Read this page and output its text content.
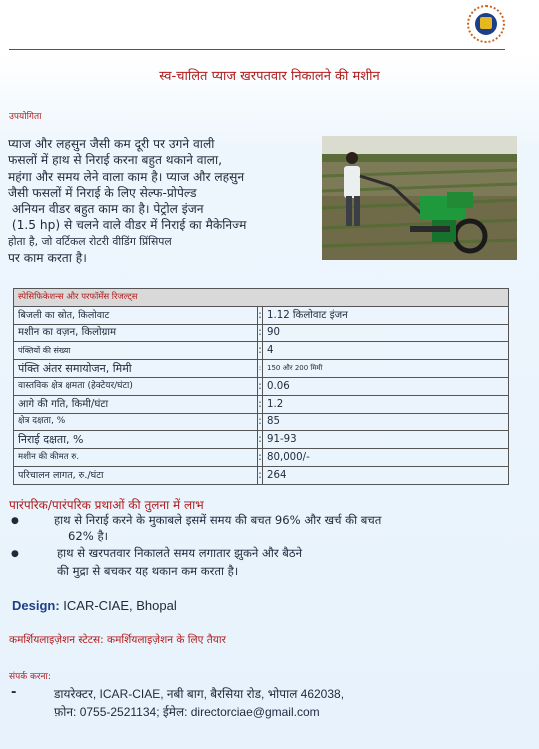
स्व-चालित प्याज खरपतवार निकालने की मशीन
उपयोगिता
प्याज और लहसुन जैसी कम दूरी पर उगने वाली
फसलों में हाथ से निराई करना बहुत थकाने वाला,
महंगा और समय लेने वाला काम है। प्याज और लहसुन
जैसी फसलों में निराई के लिए सेल्फ-प्रोपेल्ड
अनियन वीडर बहुत काम का है। पेट्रोल इंजन
(1.5 hp) से चलने वाले वीडर में निराई का मैकेनिज्म
होता है, जो वर्टिकल रोटरी वीडिंग प्रिंसिपल
पर काम करता है।
स्पेसिफिकेशन्स और परफॉर्मेंस रिजल्ट्स		
बिजली का स्रोत, किलोवाट	:	1.12 किलोवाट इंजन
मशीन का वज़न, किलोग्राम	:	90
पंक्तियों की संख्या	:	4
पंक्ति अंतर समायोजन, मिमी	:	150 और 200 मिमी
वास्तविक क्षेत्र क्षमता (हेक्टेयर/घंटा)	:	0.06
आगे की गति, किमी/घंटा	:	1.2
क्षेत्र दक्षता, %	:	85
निराई दक्षता, %	:	91-93
मशीन की कीमत रु.	:	80,000/-
परिचालन लागत, रु./घंटा	:	264
पारंपरिक/पारंपरिक प्रथाओं की तुलना में लाभ
●	हाथ से निराई करने के मुकाबले इसमें समय की बचत 96% और खर्च की बचत
62% है।
●	हाथ से खरपतवार निकालते समय लगातार झुकने और बैठने
की मुद्रा से बचकर यह थकान कम करता है।
Design: ICAR-CIAE, Bhopal
कमर्शियलाइज़ेशन स्टेटस: कमर्शियलाइज़ेशन के लिए तैयार
संपर्क करना:
-	डायरेक्टर, ICAR-CIAE, नबी बाग, बैरसिया रोड, भोपाल 462038,
फ़ोन: 0755-2521134; ईमेल: directorciae@gmail.com
